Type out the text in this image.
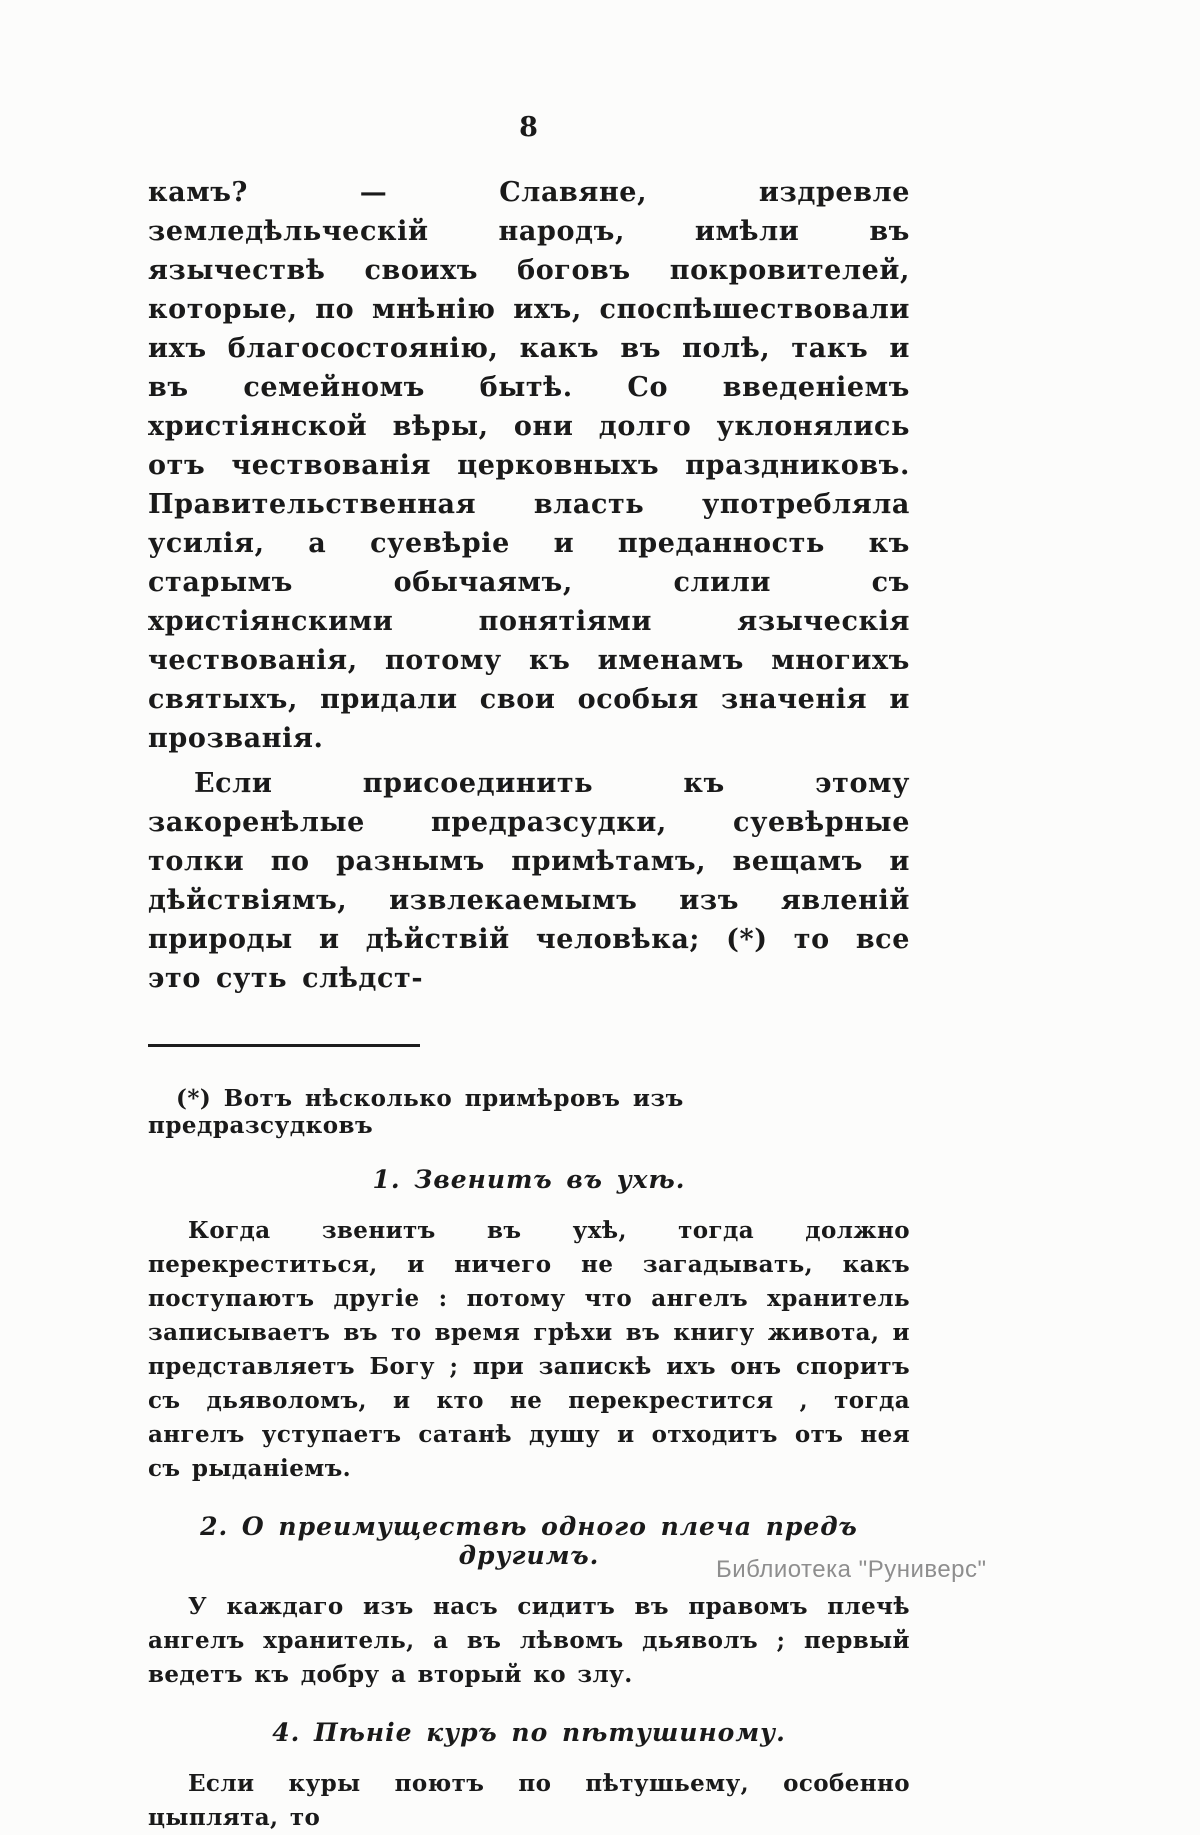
8

камъ? — Славяне, издревле земледѣльческій народъ, имѣли въ язычествѣ своихъ боговъ покровителей, которые, по мнѣнію ихъ, споспѣшествовали ихъ благосостоянію, какъ въ полѣ, такъ и въ семейномъ бытѣ. Со введеніемъ христіянской вѣры, они долго уклонялись отъ чествованія церковныхъ праздниковъ. Правительственная власть употребляла усилія, а суевѣріе и преданность къ старымъ обычаямъ, слили съ христіянскими понятіями языческія чествованія, потому къ именамъ многихъ святыхъ, придали свои особыя значенія и прозванія.

Если присоединить къ этому закоренѣлые предразсудки, суевѣрные толки по разнымъ примѣтамъ, вещамъ и дѣйствіямъ, извлекаемымъ изъ явленій природы и дѣйствій человѣка; (*) то все это суть слѣдст-

(*) Вотъ нѣсколько примѣровъ изъ предразсудковъ

1. Звенитъ въ ухѣ.

Когда звенитъ въ ухѣ, тогда должно перекреститься, и ничего не загадывать, какъ поступаютъ другіе : потому что ангелъ хранитель записываетъ въ то время грѣхи въ книгу живота, и представляетъ Богу ; при запискѣ ихъ онъ споритъ съ дьяволомъ, и кто не перекрестится , тогда ангелъ уступаетъ сатанѣ душу и отходитъ отъ нея съ рыданіемъ.

2. О преимуществѣ одного плеча предъ другимъ.

У каждаго изъ насъ сидитъ въ правомъ плечѣ ангелъ хранитель, а въ лѣвомъ дьяволъ ; первый ведетъ къ добру а вторый ко злу.

4. Пѣніе куръ по пѣтушиному.

Если куры поютъ по пѣтушьему, особенно цыплята, то

Библиотека "Руниверс"
